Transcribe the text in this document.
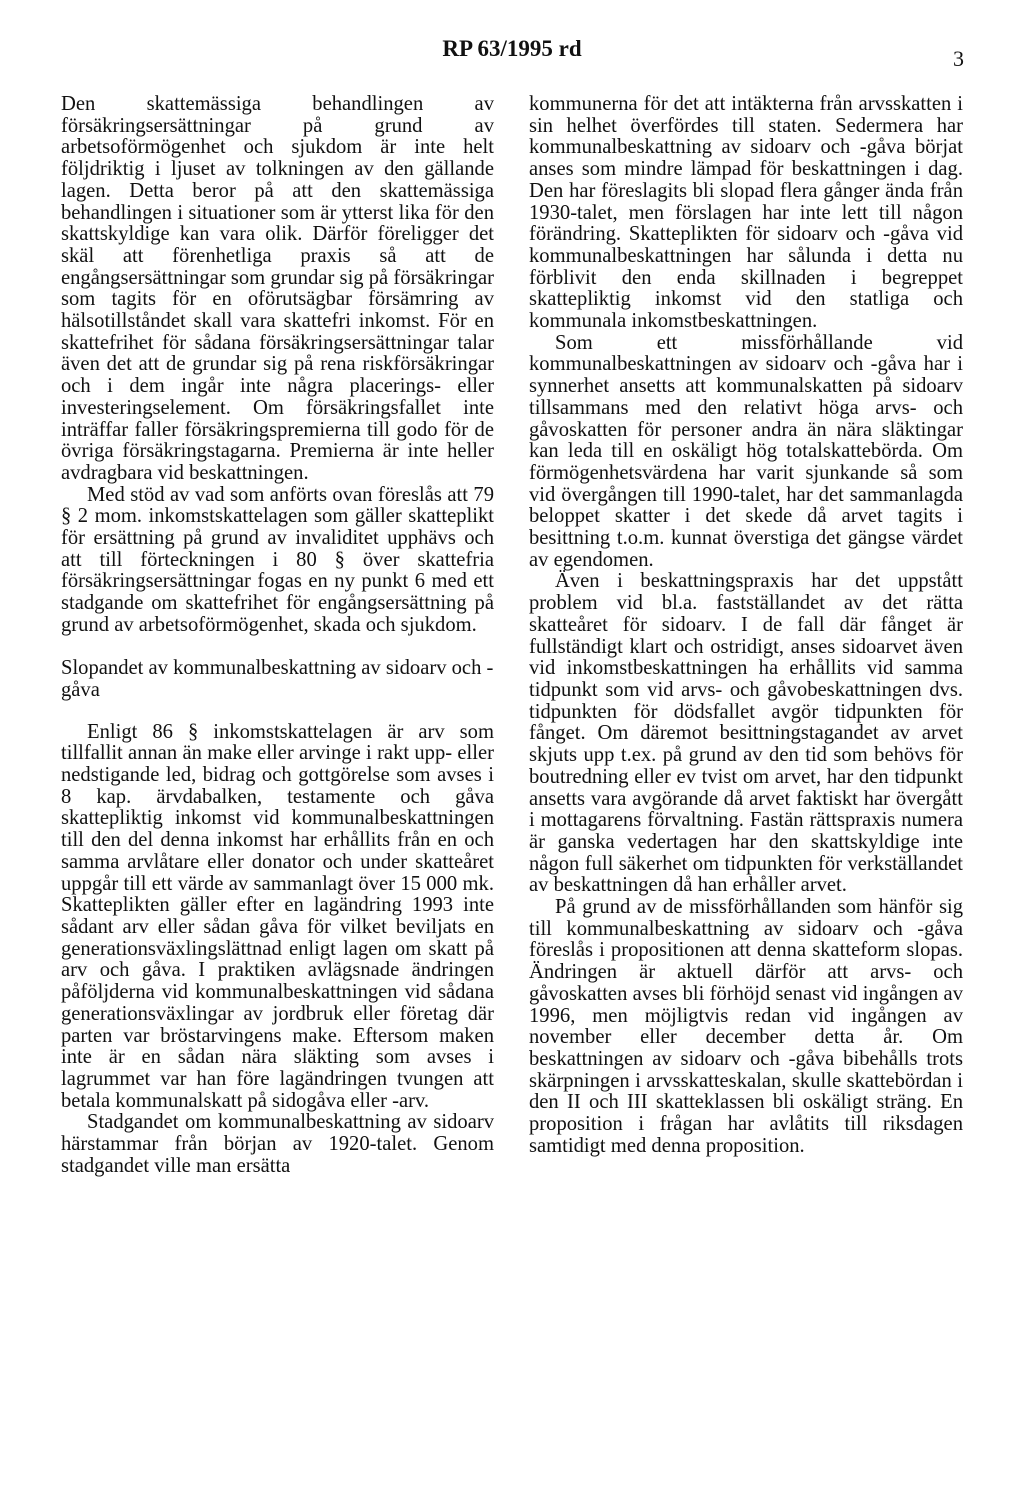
RP 63/1995 rd	3

Den skattemässiga behandlingen av försäkringsersättningar på grund av arbetsoförmögenhet och sjukdom är inte helt följdriktig i ljuset av tolkningen av den gällande lagen. Detta beror på att den skattemässiga behandlingen i situationer som är ytterst lika för den skattskyldige kan vara olik. Därför föreligger det skäl att förenhetliga praxis så att de engångsersättningar som grundar sig på försäkringar som tagits för en oförutsägbar försämring av hälsotillståndet skall vara skattefri inkomst. För en skattefrihet för sådana försäkringsersättningar talar även det att de grundar sig på rena riskförsäkringar och i dem ingår inte några placerings- eller investeringselement. Om försäkringsfallet inte inträffar faller försäkringspremierna till godo för de övriga försäkringstagarna. Premierna är inte heller avdragbara vid beskattningen.

Med stöd av vad som anförts ovan föreslås att 79 § 2 mom. inkomstskattelagen som gäller skatteplikt för ersättning på grund av invaliditet upphävs och att till förteckningen i 80 § över skattefria försäkringsersättningar fogas en ny punkt 6 med ett stadgande om skattefrihet för engångsersättning på grund av arbetsoförmögenhet, skada och sjukdom.

Slopandet av kommunalbeskattning av sidoarv och -gåva

Enligt 86 § inkomstskattelagen är arv som tillfallit annan än make eller arvinge i rakt upp- eller nedstigande led, bidrag och gottgörelse som avses i 8 kap. ärvdabalken, testamente och gåva skattepliktig inkomst vid kommunalbeskattningen till den del denna inkomst har erhållits från en och samma arvlåtare eller donator och under skatteåret uppgår till ett värde av sammanlagt över 15 000 mk. Skatteplikten gäller efter en lagändring 1993 inte sådant arv eller sådan gåva för vilket beviljats en generationsväxlingslättnad enligt lagen om skatt på arv och gåva. I praktiken avlägsnade ändringen påföljderna vid kommunalbeskattningen vid sådana generationsväxlingar av jordbruk eller företag där parten var bröstarvingens make. Eftersom maken inte är en sådan nära släkting som avses i lagrummet var han före lagändringen tvungen att betala kommunalskatt på sidogåva eller -arv.

Stadgandet om kommunalbeskattning av sidoarv härstammar från början av 1920-talet. Genom stadgandet ville man ersätta

kommunerna för det att intäkterna från arvsskatten i sin helhet överfördes till staten. Sedermera har kommunalbeskattning av sidoarv och -gåva börjat anses som mindre lämpad för beskattningen i dag. Den har föreslagits bli slopad flera gånger ända från 1930-talet, men förslagen har inte lett till någon förändring. Skatteplikten för sidoarv och -gåva vid kommunalbeskattningen har sålunda i detta nu förblivit den enda skillnaden i begreppet skattepliktig inkomst vid den statliga och kommunala inkomstbeskattningen.

Som ett missförhållande vid kommunalbeskattningen av sidoarv och -gåva har i synnerhet ansetts att kommunalskatten på sidoarv tillsammans med den relativt höga arvs- och gåvoskatten för personer andra än nära släktingar kan leda till en oskäligt hög totalskattebörda. Om förmögenhetsvärdena har varit sjunkande så som vid övergången till 1990-talet, har det sammanlagda beloppet skatter i det skede då arvet tagits i besittning t.o.m. kunnat överstiga det gängse värdet av egendomen.

Även i beskattningspraxis har det uppstått problem vid bl.a. fastställandet av det rätta skatteåret för sidoarv. I de fall där fånget är fullständigt klart och ostridigt, anses sidoarvet även vid inkomstbeskattningen ha erhållits vid samma tidpunkt som vid arvs- och gåvobeskattningen dvs. tidpunkten för dödsfallet avgör tidpunkten för fånget. Om däremot besittningstagandet av arvet skjuts upp t.ex. på grund av den tid som behövs för boutredning eller ev tvist om arvet, har den tidpunkt ansetts vara avgörande då arvet faktiskt har övergått i mottagarens förvaltning. Fastän rättspraxis numera är ganska vedertagen har den skattskyldige inte någon full säkerhet om tidpunkten för verkställandet av beskattningen då han erhåller arvet.

På grund av de missförhållanden som hänför sig till kommunalbeskattning av sidoarv och -gåva föreslås i propositionen att denna skatteform slopas. Ändringen är aktuell därför att arvs- och gåvoskatten avses bli förhöjd senast vid ingången av 1996, men möjligtvis redan vid ingången av november eller december detta år. Om beskattningen av sidoarv och -gåva bibehålls trots skärpningen i arvsskatteskalan, skulle skattebördan i den II och III skatteklassen bli oskäligt sträng. En proposition i frågan har avlåtits till riksdagen samtidigt med denna proposition.
